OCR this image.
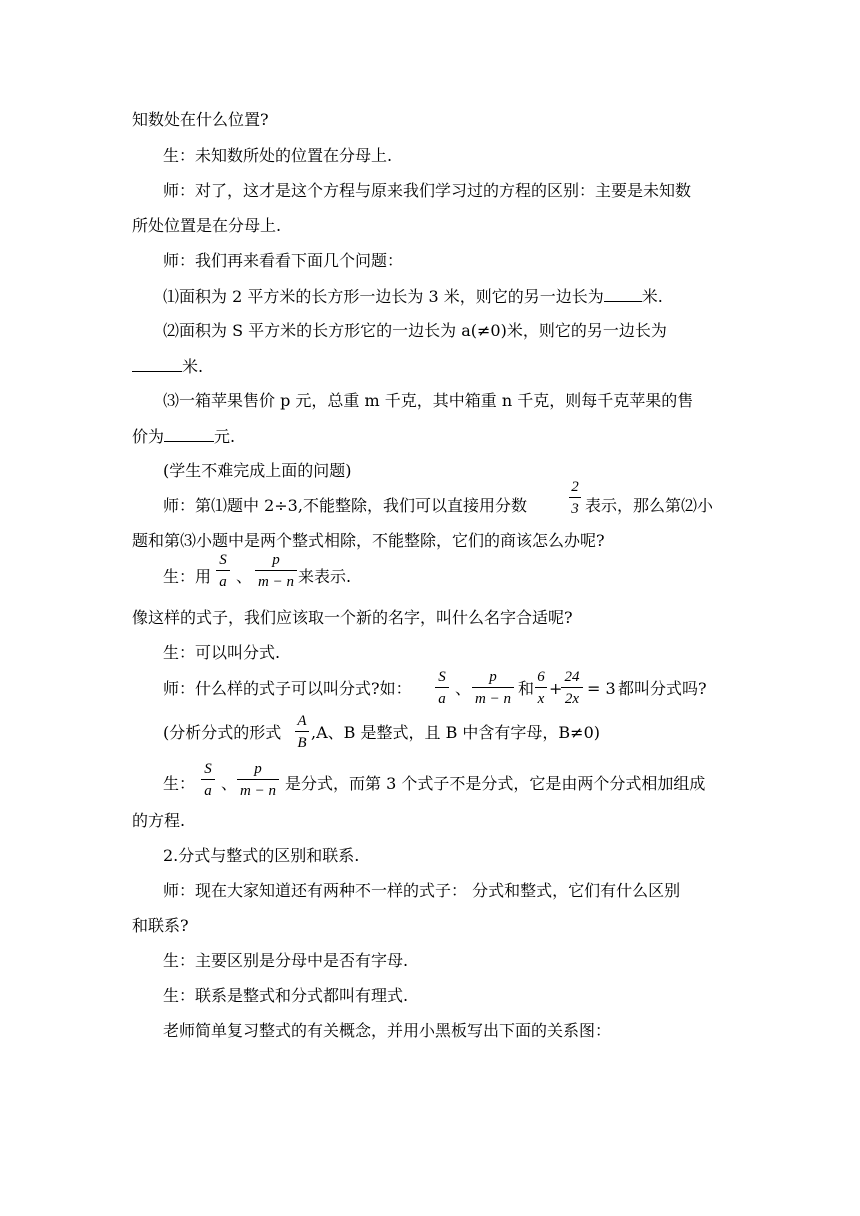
知数处在什么位置?
生：未知数所处的位置在分母上.
师：对了，这才是这个方程与原来我们学习过的方程的区别：主要是未知数
所处位置是在分母上.
师：我们再来看看下面几个问题：
⑴面积为 2 平方米的长方形一边长为 3 米，则它的另一边长为 米.
⑵面积为 S 平方米的长方形它的一边长为 a(≠0)米，则它的另一边长为
米.
⑶一箱苹果售价 p 元，总重 m 千克，其中箱重 n 千克，则每千克苹果的售
价为	元.
(学生不难完成上面的问题)
师：第⑴题中 2÷3,不能整除，我们可以直接用分数
2
3 表示，那么第⑵小
题和第⑶小题中是两个整式相除，不能整除，它们的商该怎么办呢?
生：用
S
a 、
p
m − n 来表示.
像这样的式子，我们应该取一个新的名字，叫什么名字合适呢?
生：可以叫分式.
师：什么样的式子可以叫分式?如：
S
a
、
p
m − n
和
6
x
+
24
2x
= 3 都叫分式吗?
(分析分式的形式
A
B
,A、B 是整式，且 B 中含有字母，B≠0)
生：
S
a 、
p
m − n 是分式，而第 3 个式子不是分式，它是由两个分式相加组成
的方程.
2.分式与整式的区别和联系.
师：现在大家知道还有两种不一样的式子： 分式和整式，它们有什么区别
和联系?
生：主要区别是分母中是否有字母.
生：联系是整式和分式都叫有理式.
老师简单复习整式的有关概念，并用小黑板写出下面的关系图：
